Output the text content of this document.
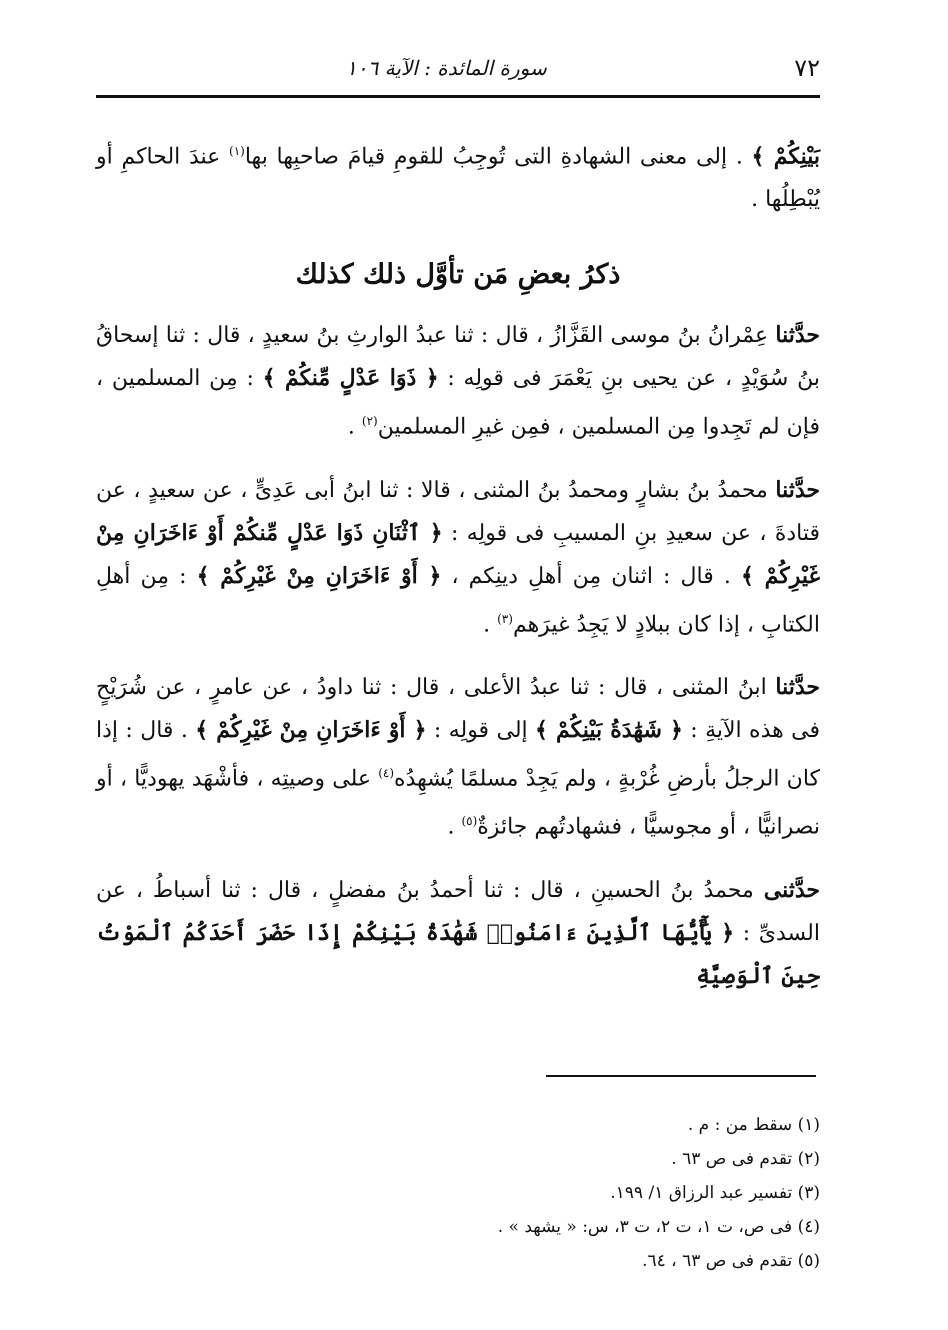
سورة المائدة : الآية ١٠٦	٧٢

بَيْنِكُمْ ﴾ . إلى معنى الشهادةِ التى تُوجِبُ للقومِ قيامَ صاحبِها بها$^{(١)}$ عندَ الحاكمِ أو يُبْطِلُها .

ذكرُ بعضِ مَن تأوَّل ذلك كذلك

حدَّثنا عِمْرانُ بنُ موسى القَزَّازُ ، قال : ثنا عبدُ الوارثِ بنُ سعيدٍ ، قال : ثنا إسحاقُ بنُ سُوَيْدٍ ، عن يحيى بنِ يَعْمَرَ فى قولِه : ﴿ ذَوَا عَدْلٍ مِّنكُمْ ﴾ : مِن المسلمين ، فإن لم تَجِدوا مِن المسلمين ، فمِن غيرِ المسلمين$^{(٢)}$ .

حدَّثنا محمدُ بنُ بشارٍ ومحمدُ بنُ المثنى ، قالا : ثنا ابنُ أبى عَدِىٍّ ، عن سعيدٍ ، عن قتادةَ ، عن سعيدِ بنِ المسيبِ فى قولِه : ﴿ ٱثْنَانِ ذَوَا عَدْلٍ مِّنكُمْ أَوْ ءَاخَرَانِ مِنْ غَيْرِكُمْ ﴾ . قال : اثنان مِن أهلِ دينِكم ، ﴿ أَوْ ءَاخَرَانِ مِنْ غَيْرِكُمْ ﴾ : مِن أهلِ الكتابِ ، إذا كان ببلادٍ لا يَجِدُ غيرَهم$^{(٣)}$ .

حدَّثنا ابنُ المثنى ، قال : ثنا عبدُ الأعلى ، قال : ثنا داودُ ، عن عامرٍ ، عن شُرَيْحٍ فى هذه الآيةِ : ﴿ شَهَٰدَةُ بَيْنِكُمْ ﴾ إلى قولِه : ﴿ أَوْ ءَاخَرَانِ مِنْ غَيْرِكُمْ ﴾ . قال : إذا كان الرجلُ بأرضِ غُرْبةٍ ، ولم يَجِدْ مسلمًا يُشهِدُه$^{(٤)}$ على وصيتِه ، فأشْهَد يهوديًّا ، أو نصرانيًّا ، أو مجوسيًّا ، فشهادتُهم جائزةٌ$^{(٥)}$ .

حدَّثنى محمدُ بنُ الحسينِ ، قال : ثنا أحمدُ بنُ مفضلٍ ، قال : ثنا أسباطُ ، عن السدىِّ : ﴿ يَٰٓأَيُّهَا ٱلَّذِينَ ءَامَنُوا۟ شَهَٰدَةُ بَيْنِكُمْ إِذَا حَضَرَ أَحَدَكُمُ ٱلْمَوْتُ حِينَ ٱلْوَصِيَّةِ

(١) سقط من : م .
(٢) تقدم فى ص ٦٣ .
(٣) تفسير عبد الرزاق ١/ ١٩٩.
(٤) فى ص، ت ١، ت ٢، ت ٣، س: « يشهد » .
(٥) تقدم فى ص ٦٣ ، ٦٤.
